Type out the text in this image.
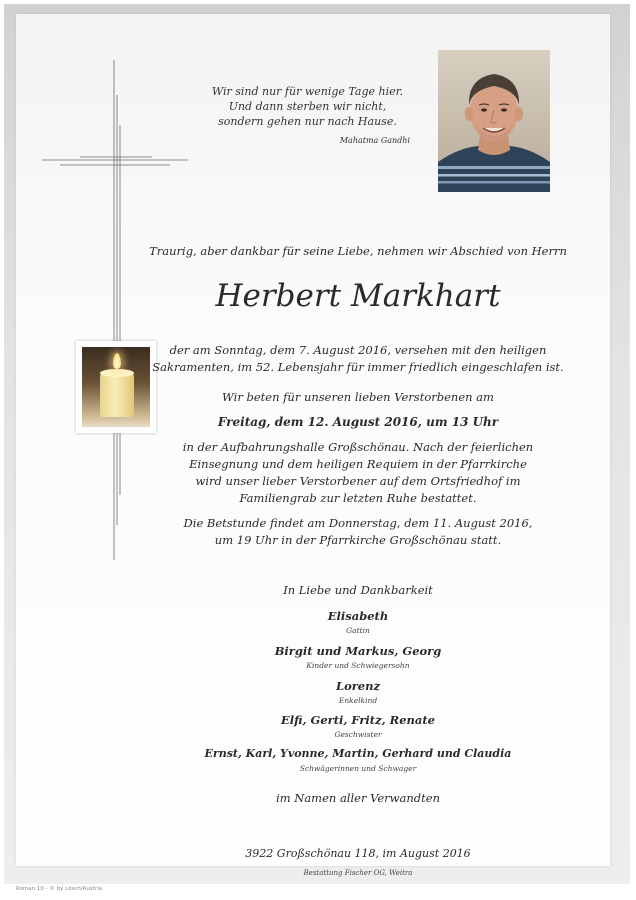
Wir sind nur für wenige Tage hier.
Und dann sterben wir nicht,
sondern gehen nur nach Hause.
Mahatma Gandhi
Traurig, aber dankbar für seine Liebe, nehmen wir Abschied von Herrn
Herbert Markhart
der am Sonntag, dem 7. August 2016, versehen mit den heiligen
Sakramenten, im 52. Lebensjahr für immer friedlich eingeschlafen ist.
Wir beten für unseren lieben Verstorbenen am
Freitag, dem 12. August 2016, um 13 Uhr
in der Aufbahrungshalle Großschönau. Nach der feierlichen
Einsegnung und dem heiligen Requiem in der Pfarrkirche
wird unser lieber Verstorbener auf dem Ortsfriedhof im
Familiengrab zur letzten Ruhe bestattet.
Die Betstunde findet am Donnerstag, dem 11. August 2016,
um 19 Uhr in der Pfarrkirche Großschönau statt.
In Liebe und Dankbarkeit
Elisabeth
Gattin
Birgit und Markus, Georg
Kinder und Schwiegersohn
Lorenz
Enkelkind
Elfi, Gerti, Fritz, Renate
Geschwister
Ernst, Karl, Yvonne, Martin, Gerhard und Claudia
Schwägerinnen und Schwager
im Namen aller Verwandten
3922 Großschönau 118, im August 2016
Bestattung Fischer OG, Weitra
Roman 10 - © by Lösch/Austria
